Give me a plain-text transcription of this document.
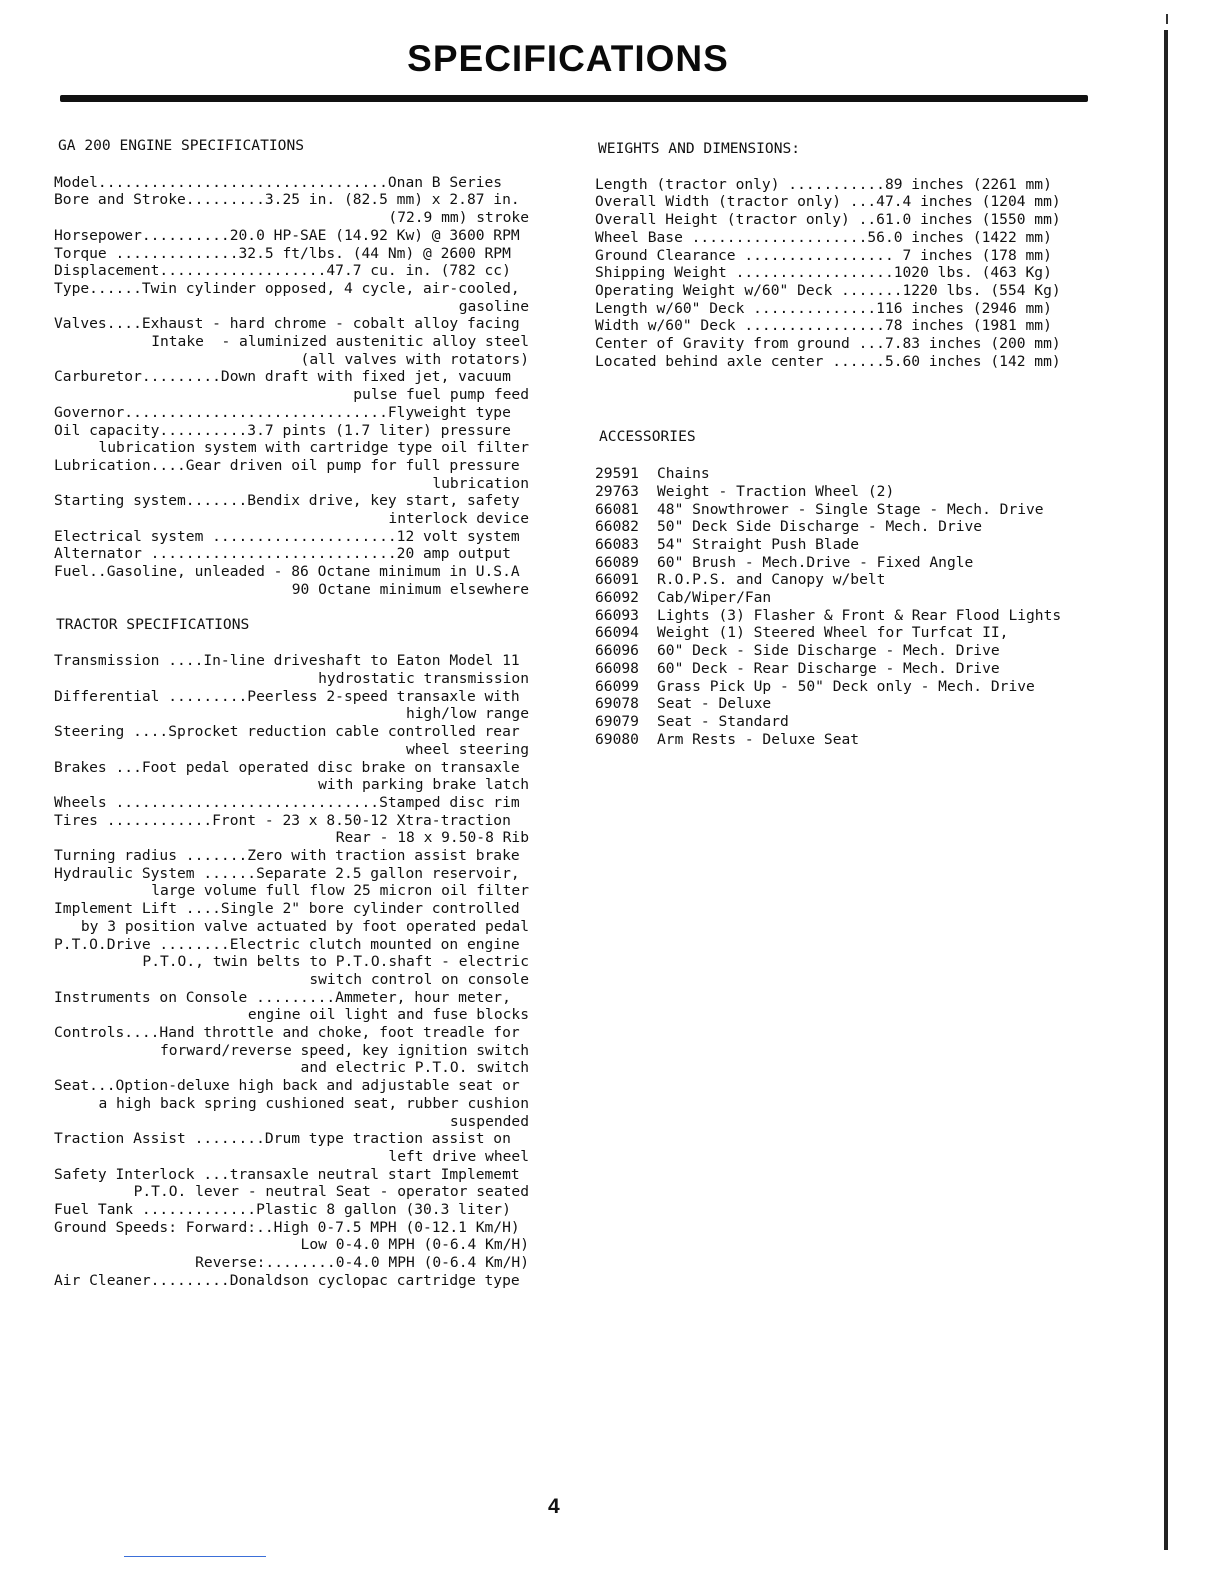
SPECIFICATIONS
GA 200 ENGINE SPECIFICATIONS
Model.................................Onan B Series
Bore and Stroke.........3.25 in. (82.5 mm) x 2.87 in.
(72.9 mm) stroke
Horsepower..........20.0 HP-SAE (14.92 Kw) @ 3600 RPM
Torque ..............32.5 ft/lbs. (44 Nm) @ 2600 RPM
Displacement...................47.7 cu. in. (782 cc)
Type......Twin cylinder opposed, 4 cycle, air-cooled,
gasoline
Valves....Exhaust - hard chrome - cobalt alloy facing
Intake  - aluminized austenitic alloy steel
(all valves with rotators)
Carburetor.........Down draft with fixed jet, vacuum
pulse fuel pump feed
Governor..............................Flyweight type
Oil capacity..........3.7 pints (1.7 liter) pressure
lubrication system with cartridge type oil filter
Lubrication....Gear driven oil pump for full pressure
lubrication
Starting system.......Bendix drive, key start, safety
interlock device
Electrical system .....................12 volt system
Alternator ............................20 amp output
Fuel..Gasoline, unleaded - 86 Octane minimum in U.S.A
90 Octane minimum elsewhere
TRACTOR SPECIFICATIONS
Transmission ....In-line driveshaft to Eaton Model 11
hydrostatic transmission
Differential .........Peerless 2-speed transaxle with
high/low range
Steering ....Sprocket reduction cable controlled rear
wheel steering
Brakes ...Foot pedal operated disc brake on transaxle
with parking brake latch
Wheels ..............................Stamped disc rim
Tires ............Front - 23 x 8.50-12 Xtra-traction
Rear - 18 x 9.50-8 Rib
Turning radius .......Zero with traction assist brake
Hydraulic System ......Separate 2.5 gallon reservoir,
large volume full flow 25 micron oil filter
Implement Lift ....Single 2" bore cylinder controlled
by 3 position valve actuated by foot operated pedal
P.T.O.Drive ........Electric clutch mounted on engine
P.T.O., twin belts to P.T.O.shaft - electric
switch control on console
Instruments on Console .........Ammeter, hour meter,
engine oil light and fuse blocks
Controls....Hand throttle and choke, foot treadle for
forward/reverse speed, key ignition switch
and electric P.T.O. switch
Seat...Option-deluxe high back and adjustable seat or
a high back spring cushioned seat, rubber cushion
suspended
Traction Assist ........Drum type traction assist on
left drive wheel
Safety Interlock ...transaxle neutral start Implememt
P.T.O. lever - neutral Seat - operator seated
Fuel Tank .............Plastic 8 gallon (30.3 liter)
Ground Speeds: Forward:..High 0-7.5 MPH (0-12.1 Km/H)
Low 0-4.0 MPH (0-6.4 Km/H)
Reverse:........0-4.0 MPH (0-6.4 Km/H)
Air Cleaner.........Donaldson cyclopac cartridge type
WEIGHTS AND DIMENSIONS:
Length (tractor only) ...........89 inches (2261 mm)
Overall Width (tractor only) ...47.4 inches (1204 mm)
Overall Height (tractor only) ..61.0 inches (1550 mm)
Wheel Base ....................56.0 inches (1422 mm)
Ground Clearance ................. 7 inches (178 mm)
Shipping Weight ..................1020 lbs. (463 Kg)
Operating Weight w/60" Deck .......1220 lbs. (554 Kg)
Length w/60" Deck ..............116 inches (2946 mm)
Width w/60" Deck ................78 inches (1981 mm)
Center of Gravity from ground ...7.83 inches (200 mm)
Located behind axle center ......5.60 inches (142 mm)
ACCESSORIES
29591	Chains
29763	Weight - Traction Wheel (2)
66081	48" Snowthrower - Single Stage - Mech. Drive
66082	50" Deck Side Discharge - Mech. Drive
66083	54" Straight Push Blade
66089	60" Brush - Mech.Drive - Fixed Angle
66091	R.O.P.S. and Canopy w/belt
66092	Cab/Wiper/Fan
66093	Lights (3) Flasher & Front & Rear Flood Lights
66094	Weight (1) Steered Wheel for Turfcat II,
66096	60" Deck - Side Discharge - Mech. Drive
66098	60" Deck - Rear Discharge - Mech. Drive
66099	Grass Pick Up - 50" Deck only - Mech. Drive
69078	Seat - Deluxe
69079	Seat - Standard
69080	Arm Rests - Deluxe Seat
4
